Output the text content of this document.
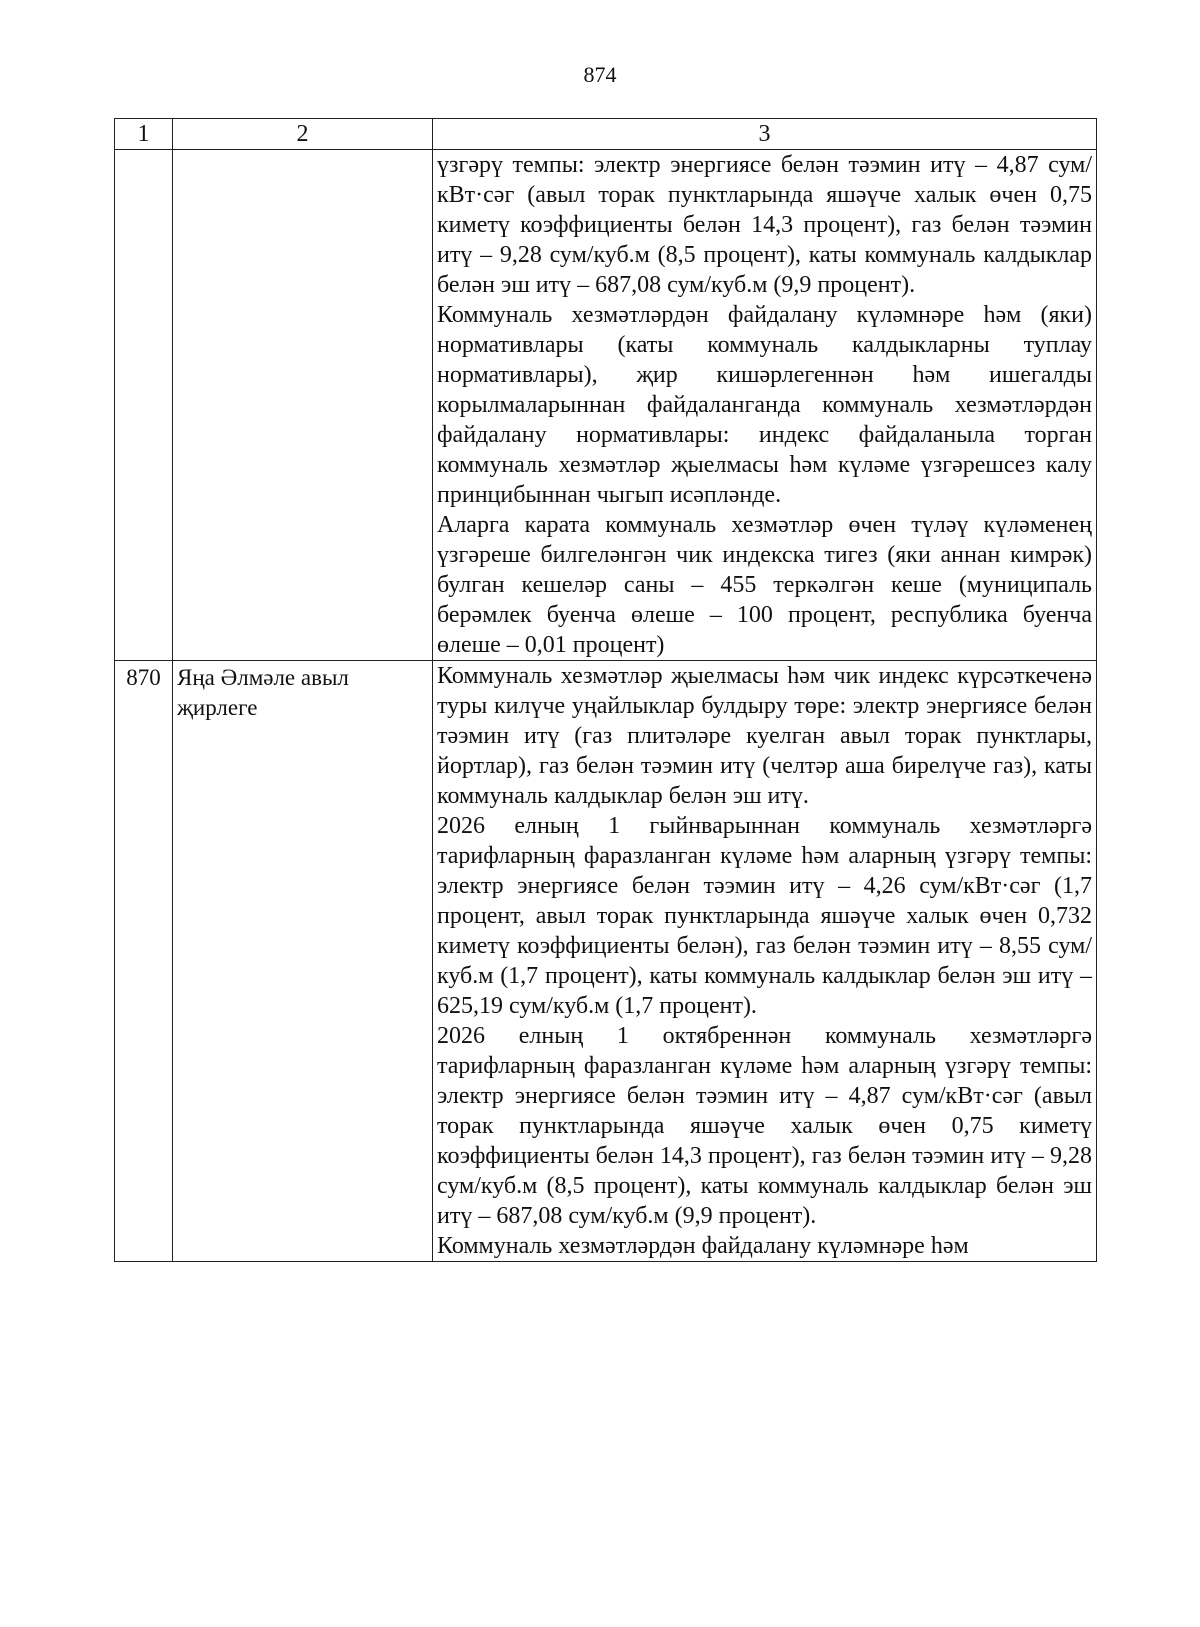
874
1	2	3

		үзгәрү темпы: электр энергиясе белән тәэмин итү – 4,87 сум/кВт·сәг (авыл торак пунктларында яшәүче халык өчен 0,75 киметү коэффициенты белән 14,3 процент), газ белән тәэмин итү – 9,28 сум/куб.м (8,5 процент), каты коммуналь калдыклар белән эш итү – 687,08 сум/куб.м (9,9 процент).

Коммуналь хезмәтләрдән файдалану күләмнәре һәм (яки) нормативлары (каты коммуналь калдыкларны туплау нормативлары), җир кишәрлегеннән һәм ишегалды корылмаларыннан файдаланганда коммуналь хезмәтләрдән файдалану нормативлары: индекс файдаланыла торган коммуналь хезмәтләр җыелмасы һәм күләме үзгәрешсез калу принцибыннан чыгып исәпләнде.

Аларга карата коммуналь хезмәтләр өчен түләү күләменең үзгәреше билгеләнгән чик индекска тигез (яки аннан кимрәк) булган кешеләр саны – 455 теркәлгән кеше (муниципаль берәмлек буенча өлеше – 100 процент, республика буенча өлеше – 0,01 процент)

870	Яңа Әлмәле авыл җирлеге	Коммуналь хезмәтләр җыелмасы һәм чик индекс күрсәткеченә туры килүче уңайлыклар булдыру төре: электр энергиясе белән тәэмин итү (газ плитәләре куелган авыл торак пунктлары, йортлар), газ белән тәэмин итү (челтәр аша бирелүче газ), каты коммуналь калдыклар белән эш итү.

2026 елның 1 гыйнварыннан коммуналь хезмәтләргә тарифларның фаразланган күләме һәм аларның үзгәрү темпы: электр энергиясе белән тәэмин итү – 4,26 сум/кВт·сәг (1,7 процент, авыл торак пунктларында яшәүче халык өчен 0,732 киметү коэффициенты белән), газ белән тәэмин итү – 8,55 сум/куб.м (1,7 процент), каты коммуналь калдыклар белән эш итү – 625,19 сум/куб.м (1,7 процент).

2026 елның 1 октябреннән коммуналь хезмәтләргә тарифларның фаразланган күләме һәм аларның үзгәрү темпы: электр энергиясе белән тәэмин итү – 4,87 сум/кВт·сәг (авыл торак пунктларында яшәүче халык өчен 0,75 киметү коэффициенты белән 14,3 процент), газ белән тәэмин итү – 9,28 сум/куб.м (8,5 процент), каты коммуналь калдыклар белән эш итү – 687,08 сум/куб.м (9,9 процент).

Коммуналь хезмәтләрдән файдалану күләмнәре һәм
